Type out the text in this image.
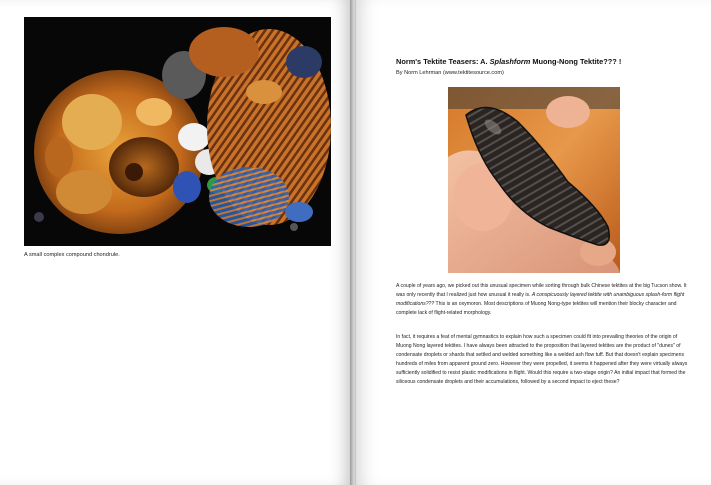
A small complex compound chondrule.
Norm's Tektite Teasers: A. Splashform Muong-Nong Tektite??? !
By Norm Lehrman (www.tektitesource.com)

A couple of years ago, we picked out this unusual specimen while sorting through bulk Chinese tektites at the big Tucson show. It was only recently that I realized just how unusual it really is. A conspicuously layered tektite with unambiguous splash-form flight modifications??? This is an oxymoron. Most descriptions of Muong Nong-type tektites will mention their blocky character and complete lack of flight-related morphology.

In fact, it requires a feat of mental gymnastics to explain how such a specimen could fit into prevailing theories of the origin of Muong Nong layered tektites. I have always been attracted to the proposition that layered tektites are the product of "dunes" of condensate droplets or shards that settled and welded something like a welded ash flow tuff. But that doesn't explain specimens hundreds of miles from apparent ground zero. However they were propelled, it seems it happened after they were virtually always sufficiently solidified to resist plastic modifications in flight. Would this require a two-stage origin? An initial impact that formed the siliceous condensate droplets and their accumulations, followed by a second impact to eject these?
